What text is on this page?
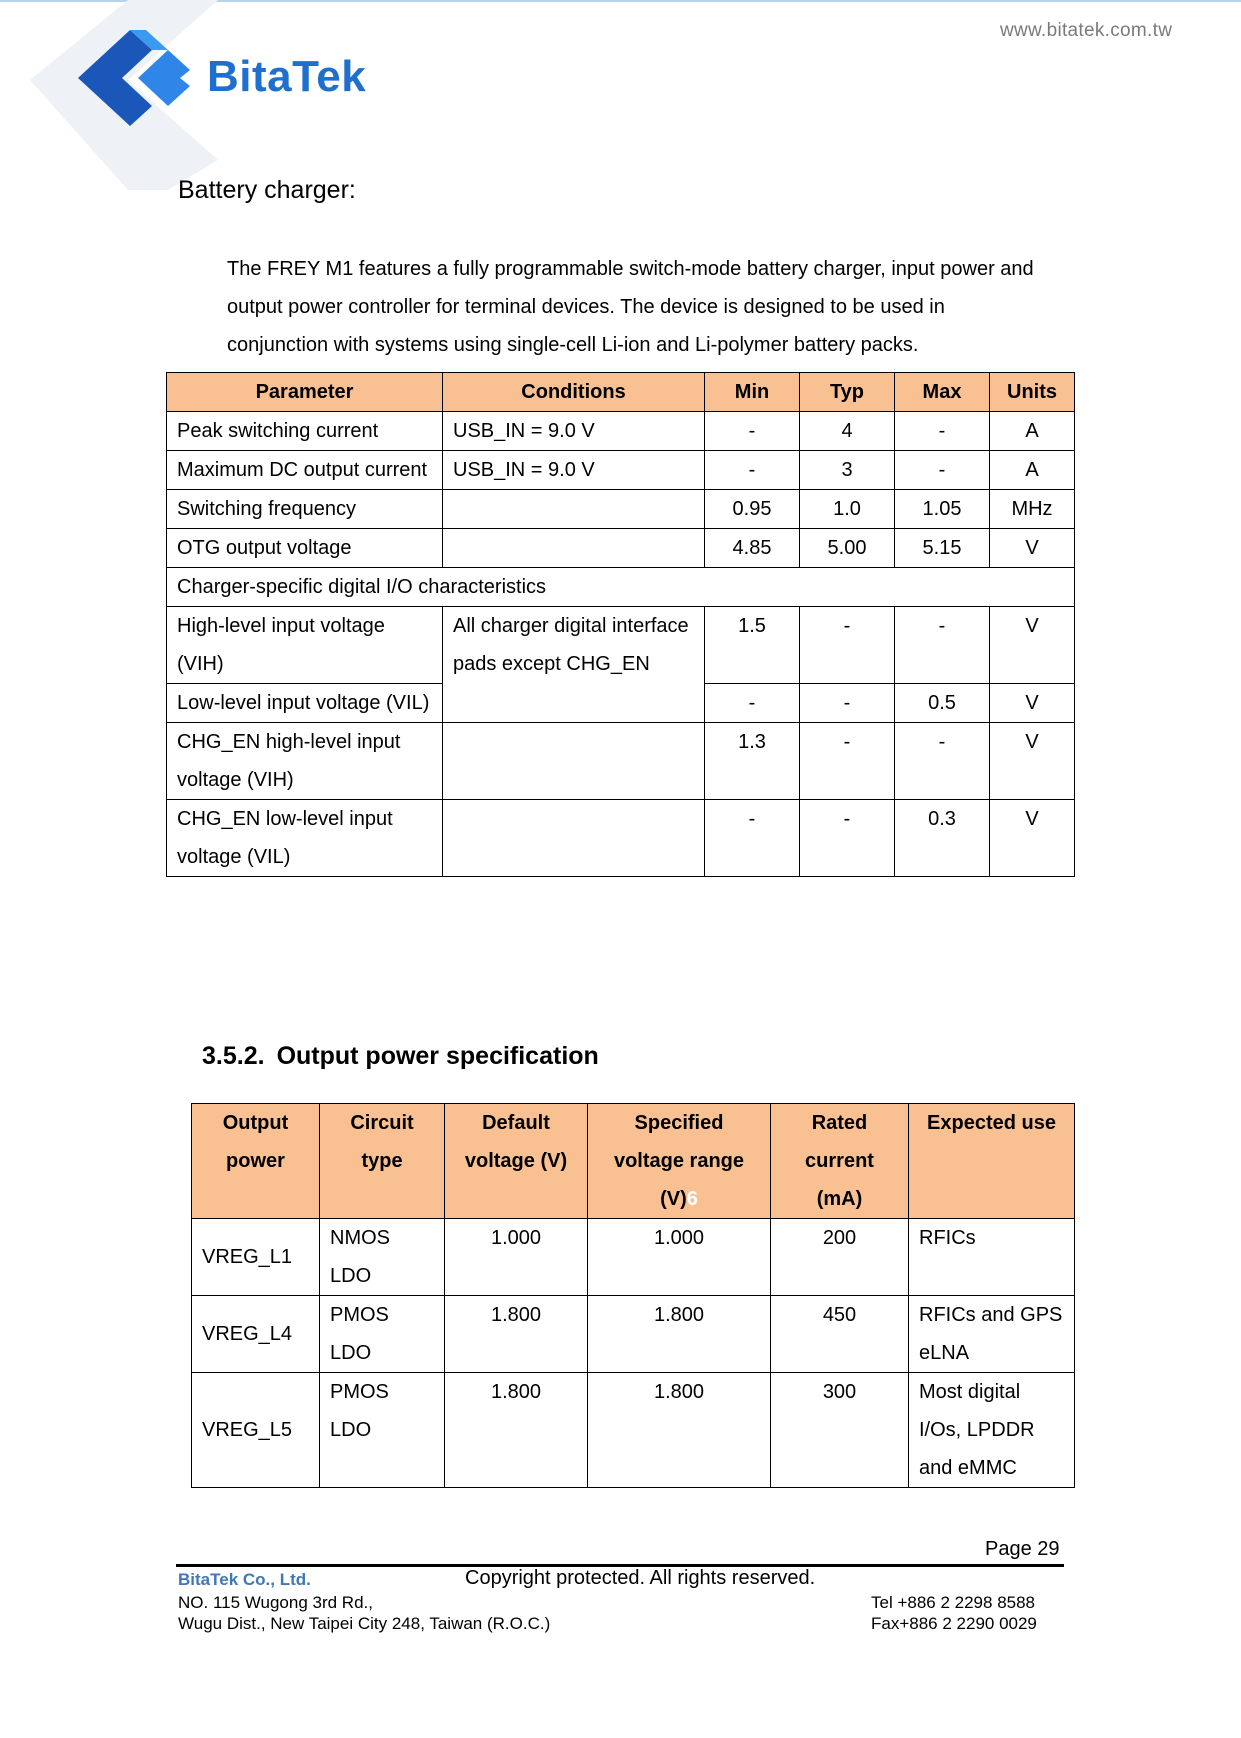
BitaTek
www.bitatek.com.tw
Battery charger:
The FREY M1 features a fully programmable switch-mode battery charger, input power and
output power controller for terminal devices. The device is designed to be used in
conjunction with systems using single-cell Li-ion and Li-polymer battery packs.
Parameter	Conditions	Min	Typ	Max	Units
Peak switching current	USB_IN = 9.0 V	-	4	-	A
Maximum DC output current	USB_IN = 9.0 V	-	3	-	A
Switching frequency		0.95	1.0	1.05	MHz
OTG output voltage		4.85	5.00	5.15	V
Charger-specific digital I/O characteristics					
High-level input voltage (VIH)	All charger digital interface pads except CHG_EN	1.5	-	-	V
Low-level input voltage (VIL)		-	-	0.5	V
CHG_EN high-level input voltage (VIH)		1.3	-	-	V
CHG_EN low-level input voltage (VIL)		-	-	0.3	V
3.5.2. Output power specification
Output power	Circuit type	Default voltage (V)	Specified voltage range (V)6	Rated current (mA)	Expected use
VREG_L1	NMOS LDO	1.000	1.000	200	RFICs
VREG_L4	PMOS LDO	1.800	1.800	450	RFICs and GPS eLNA
VREG_L5	PMOS LDO	1.800	1.800	300	Most digital I/Os, LPDDR and eMMC
Page 29
BitaTek Co., Ltd.	Copyright protected. All rights reserved.
NO. 115 Wugong 3rd Rd.,
Wugu Dist., New Taipei City 248, Taiwan (R.O.C.)
Tel +886 2 2298 8588
Fax+886 2 2290 0029
